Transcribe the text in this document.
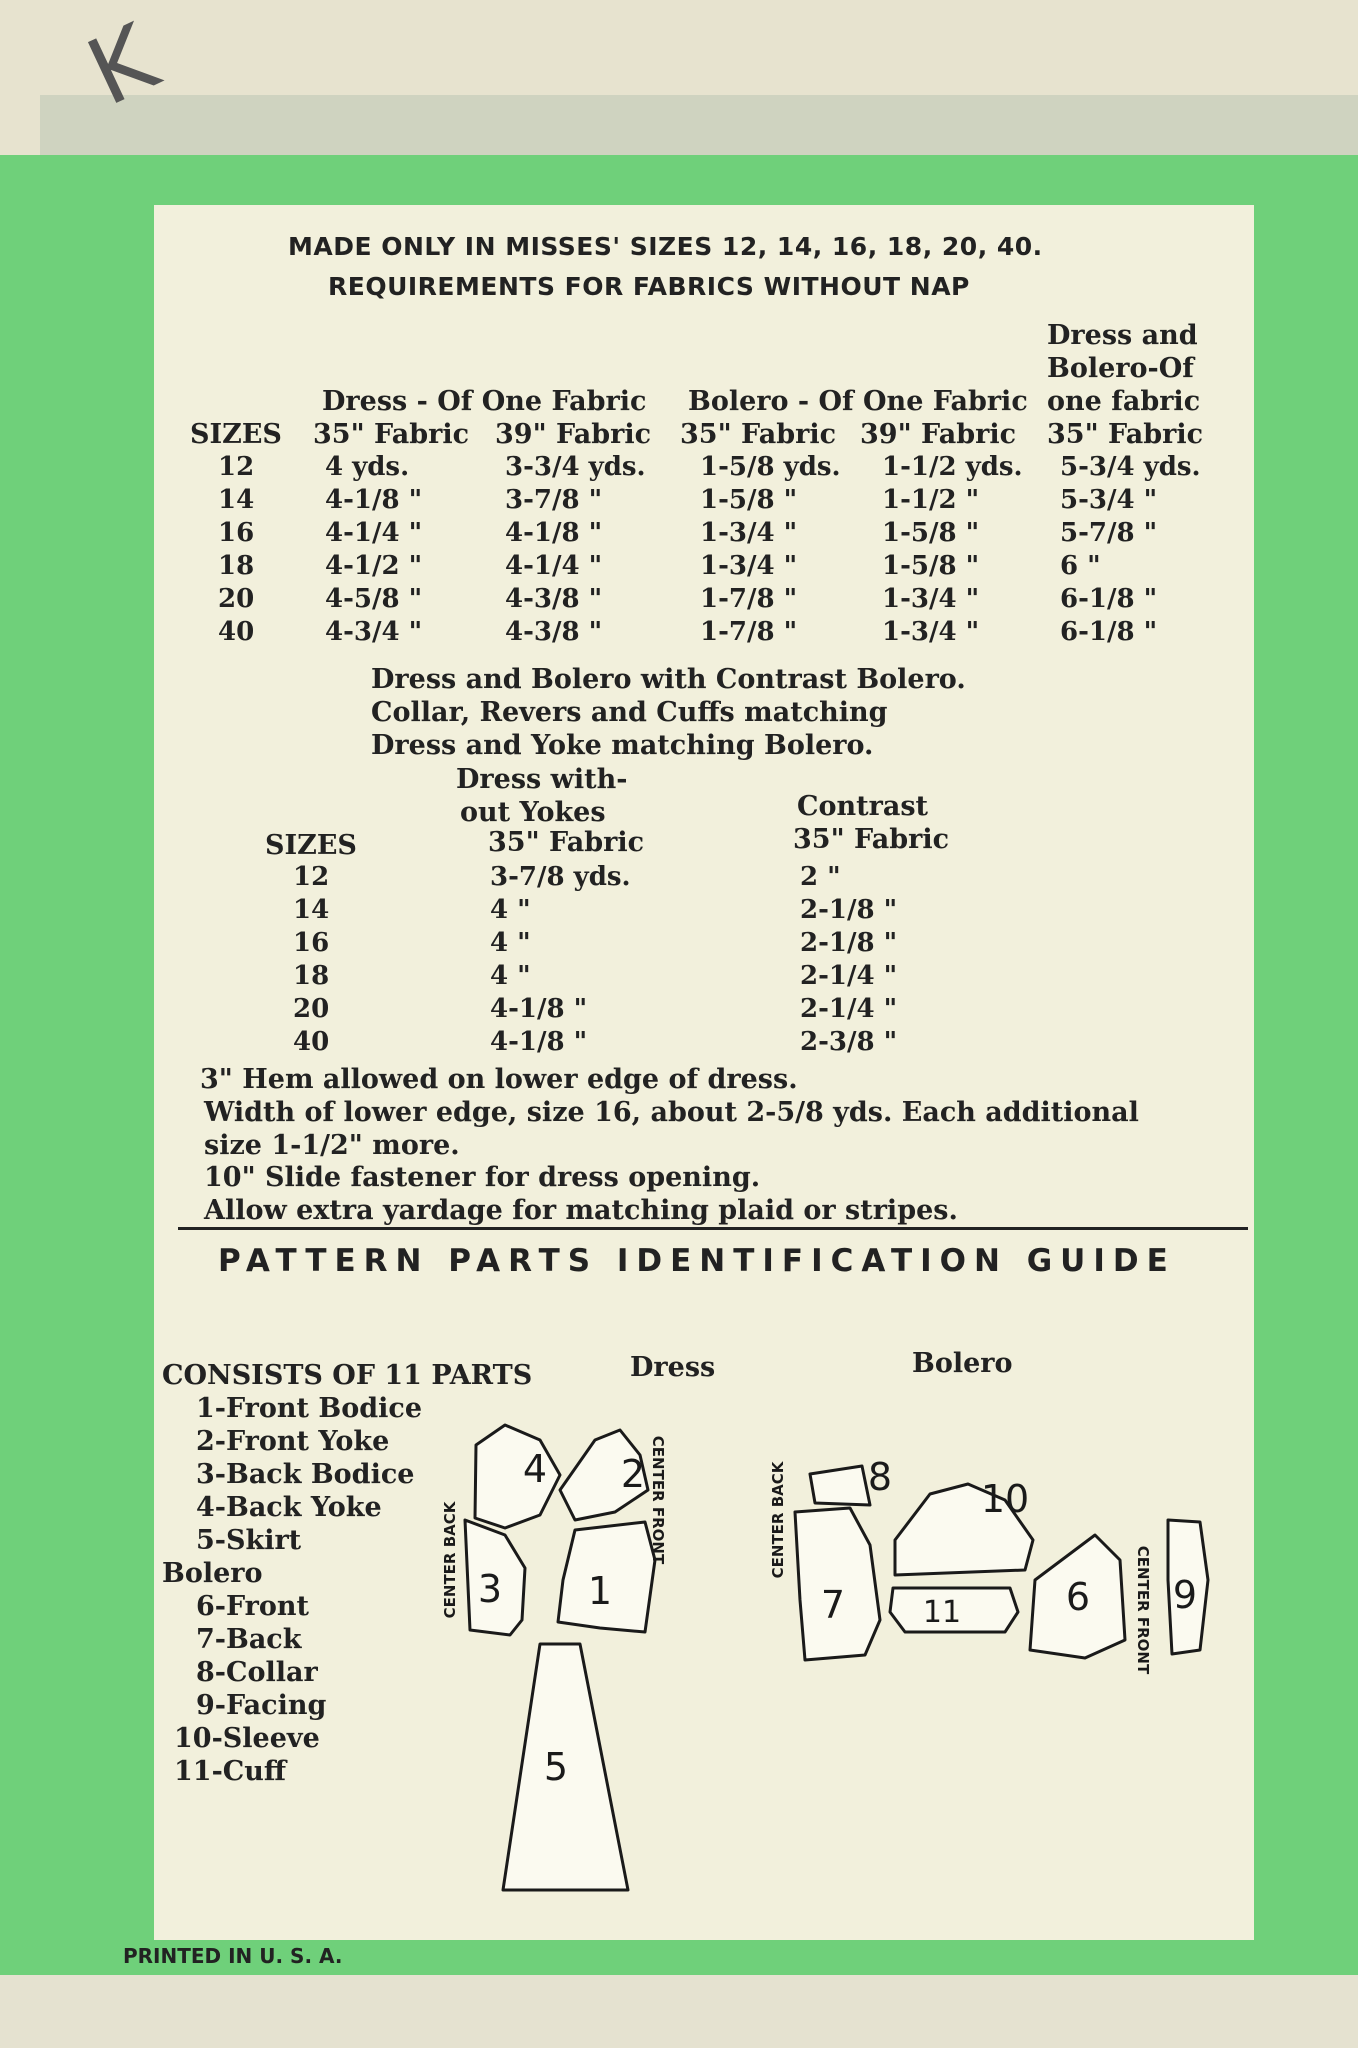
K

MADE ONLY IN MISSES' SIZES 12, 14, 16, 18, 20, 40.
REQUIREMENTS FOR FABRICS WITHOUT NAP
Dress and
Bolero-Of
Dress - Of One Fabric Bolero - Of One Fabric one fabric
SIZES 35" Fabric 39" Fabric 35" Fabric 39" Fabric 35" Fabric
12	4 yds.	3-3/4 yds. 1-5/8 yds. 1-1/2 yds. 5-3/4 yds.
14	4-1/8 "	3-7/8 "	1-5/8 "	1-1/2 "	5-3/4 "
16	4-1/4 "	4-1/8 "	1-3/4 "	1-5/8 "	5-7/8 "
18	4-1/2 "	4-1/4 "	1-3/4 "	1-5/8 "	6 "
20	4-5/8 "	4-3/8 "	1-7/8 "	1-3/4 "	6-1/8 "
40	4-3/4 "	4-3/8 "	1-7/8 "	1-3/4 "	6-1/8 "
Dress and Bolero with Contrast Bolero.
Collar, Revers and Cuffs matching
Dress and Yoke matching Bolero.
Dress with-
out Yokes	Contrast
SIZES	35" Fabric	35" Fabric
12	3-7/8 yds.	2 "
14	4 "	2-1/8 "
16	4 "	2-1/8 "
18	4 "	2-1/4 "
20	4-1/8 "	2-1/4 "
40	4-1/8 "	2-3/8 "
3" Hem allowed on lower edge of dress.
Width of lower edge, size 16, about 2-5/8 yds. Each additional
size 1-1/2" more.
10" Slide fastener for dress opening.
Allow extra yardage for matching plaid or stripes.
PATTERN PARTS IDENTIFICATION GUIDE
CONSISTS OF 11 PARTS	Dress	Bolero
1-Front Bodice
2-Front Yoke
3-Back Bodice
4-Back Yoke
5-Skirt
Bolero
6-Front
7-Back
8-Collar
9-Facing
10-Sleeve
11-Cuff
1
2
3
4
5
6
7
8
9
10
11
CENTER BACK	CENTER FRONT	CENTER BACK
CENTER FRONT
PRINTED IN U. S. A.
